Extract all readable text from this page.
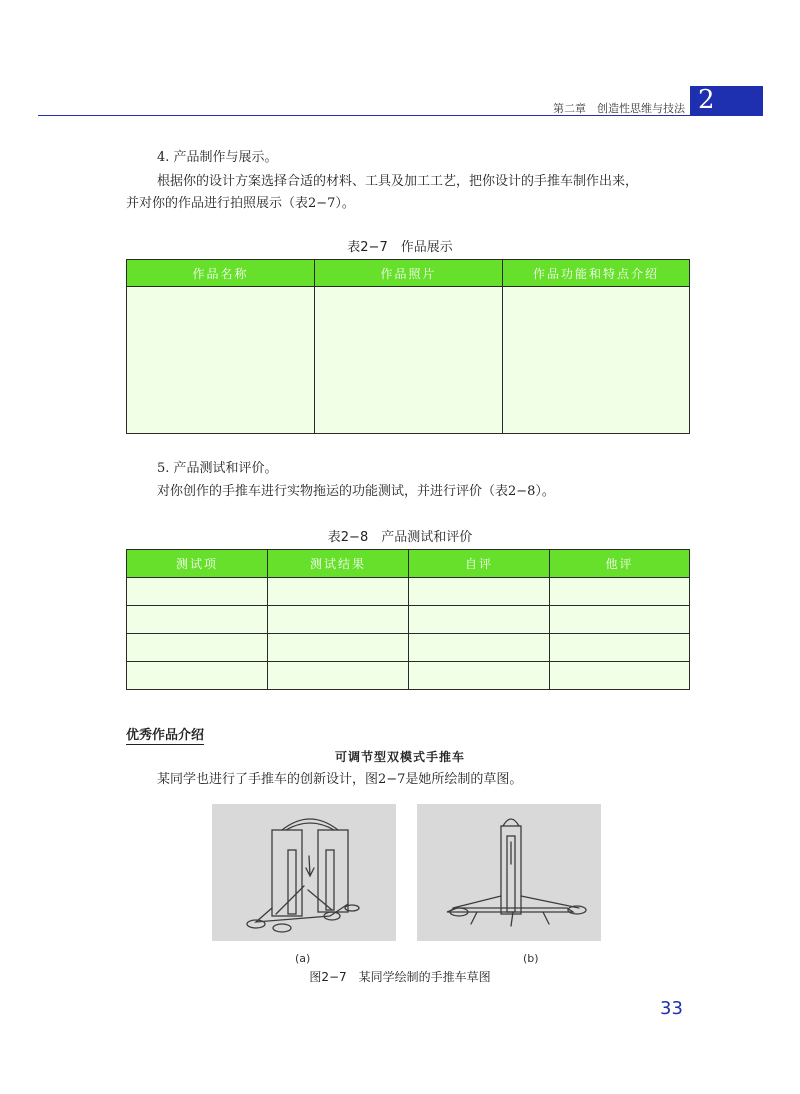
第二章　创造性思维与技法 2
4. 产品制作与展示。
根据你的设计方案选择合适的材料、工具及加工工艺，把你设计的手推车制作出来，
并对你的作品进行拍照展示（表2−7）。
表2−7　作品展示
作品名称	作品照片	作品功能和特点介绍

5. 产品测试和评价。
对你创作的手推车进行实物拖运的功能测试，并进行评价（表2−8）。
表2−8　产品测试和评价
测试项	测试结果	自评	他评

优秀作品介绍
可调节型双模式手推车
某同学也进行了手推车的创新设计，图2−7是她所绘制的草图。
(a)	(b)
图2−7　某同学绘制的手推车草图
33
